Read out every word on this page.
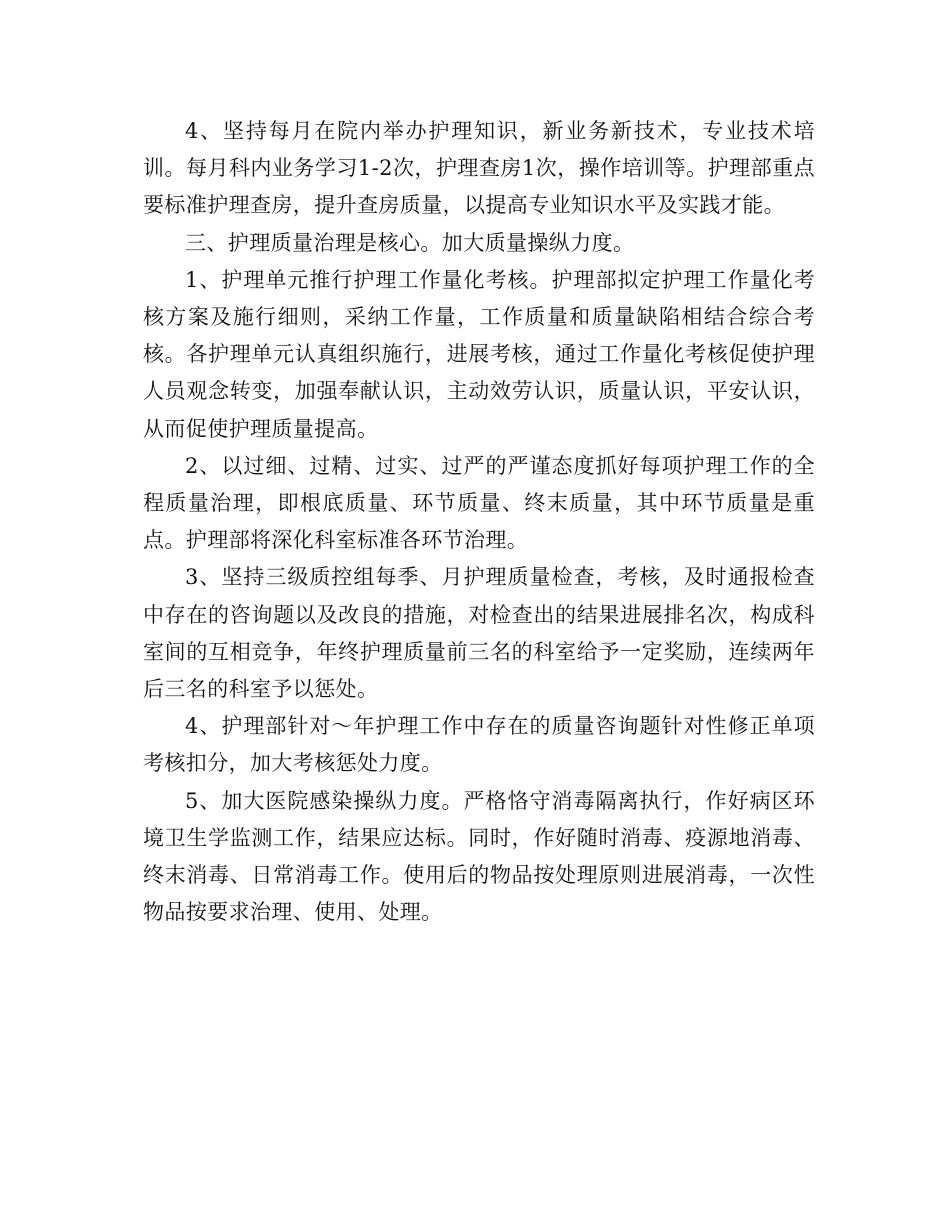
4、坚持每月在院内举办护理知识，新业务新技术，专业技术培训。每月科内业务学习1-2次，护理查房1次，操作培训等。护理部重点要标准护理查房，提升查房质量，以提高专业知识水平及实践才能。

三、护理质量治理是核心。加大质量操纵力度。

1、护理单元推行护理工作量化考核。护理部拟定护理工作量化考核方案及施行细则，采纳工作量，工作质量和质量缺陷相结合综合考核。各护理单元认真组织施行，进展考核，通过工作量化考核促使护理人员观念转变，加强奉献认识，主动效劳认识，质量认识，平安认识，从而促使护理质量提高。

2、以过细、过精、过实、过严的严谨态度抓好每项护理工作的全程质量治理，即根底质量、环节质量、终末质量，其中环节质量是重点。护理部将深化科室标准各环节治理。

3、坚持三级质控组每季、月护理质量检查，考核，及时通报检查中存在的咨询题以及改良的措施，对检查出的结果进展排名次，构成科室间的互相竞争，年终护理质量前三名的科室给予一定奖励，连续两年后三名的科室予以惩处。

4、护理部针对～年护理工作中存在的质量咨询题针对性修正单项考核扣分，加大考核惩处力度。

5、加大医院感染操纵力度。严格恪守消毒隔离执行，作好病区环境卫生学监测工作，结果应达标。同时，作好随时消毒、疫源地消毒、终末消毒、日常消毒工作。使用后的物品按处理原则进展消毒，一次性物品按要求治理、使用、处理。
